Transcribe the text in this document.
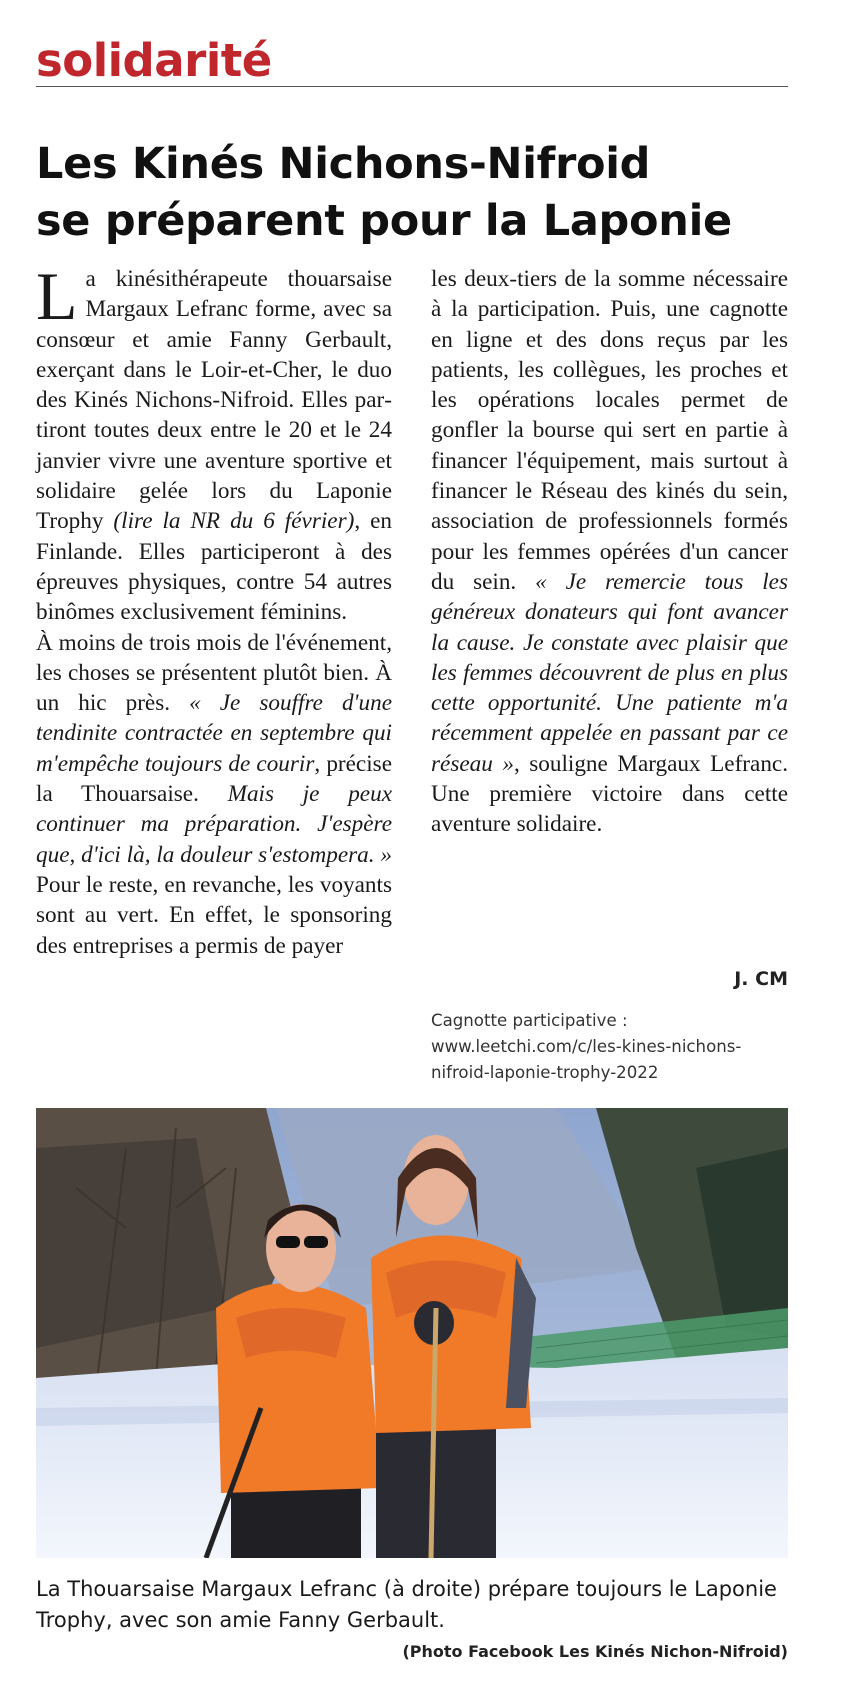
solidarité
Les Kinés Nichons-Nifroid
se préparent pour la Laponie

La kinésithérapeute thouarsaise Margaux Lefranc forme, avec sa consœur et amie Fanny Gerbault, exerçant dans le Loir-et-Cher, le duo des Kinés Nichons-Nifroid. Elles partiront toutes deux entre le 20 et le 24 janvier vivre une aventure sportive et solidaire gelée lors du Laponie Trophy (lire la NR du 6 février), en Finlande. Elles participeront à des épreuves physiques, contre 54 autres binômes exclusivement féminins.

À moins de trois mois de l'événement, les choses se présentent plutôt bien. À un hic près. « Je souffre d'une tendinite contractée en septembre qui m'empêche toujours de courir, précise la Thouarsaise. Mais je peux continuer ma préparation. J'espère que, d'ici là, la douleur s'estompera. » Pour le reste, en revanche, les voyants sont au vert. En effet, le sponsoring des entreprises a permis de payer

les deux-tiers de la somme nécessaire à la participation. Puis, une cagnotte en ligne et des dons reçus par les patients, les collègues, les proches et les opérations locales permet de gonfler la bourse qui sert en partie à financer l'équipement, mais surtout à financer le Réseau des kinés du sein, association de professionnels formés pour les femmes opérées d'un cancer du sein. « Je remercie tous les généreux donateurs qui font avancer la cause. Je constate avec plaisir que les femmes découvrent de plus en plus cette opportunité. Une patiente m'a récemment appelée en passant par ce réseau », souligne Margaux Lefranc. Une première victoire dans cette aventure solidaire.

J. CM
Cagnotte participative : www.leetchi.com/c/les-kines-nichons-nifroid-laponie-trophy-2022
La Thouarsaise Margaux Lefranc (à droite) prépare toujours le Laponie Trophy, avec son amie Fanny Gerbault.
(Photo Facebook Les Kinés Nichon-Nifroid)
